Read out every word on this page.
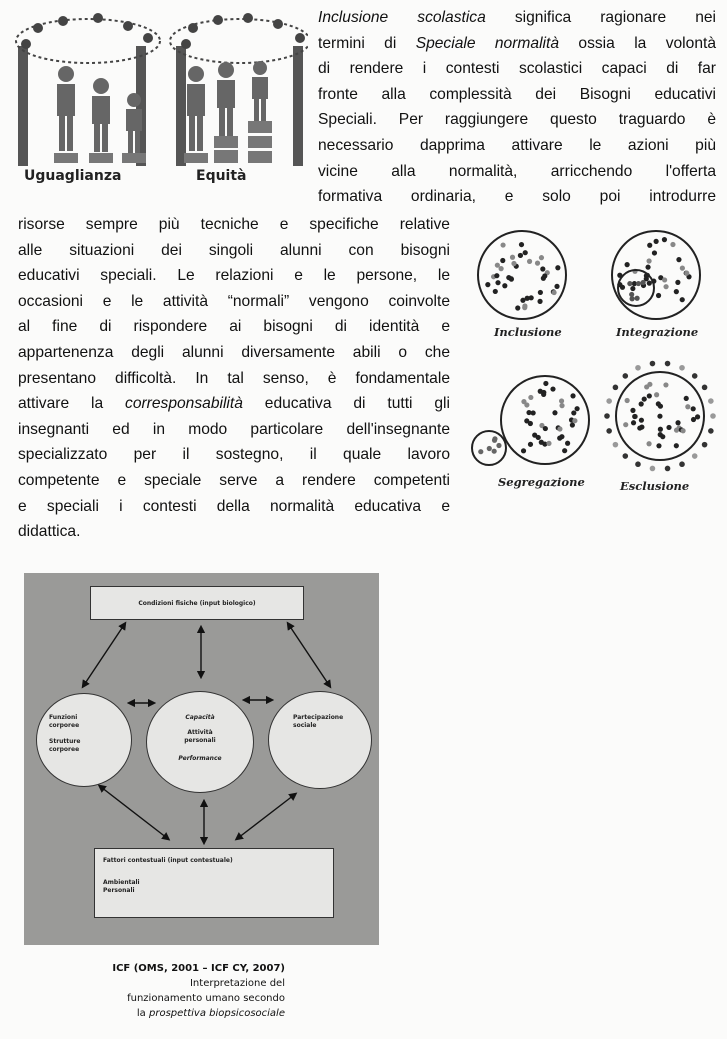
Uguaglianza	Equità
Inclusione scolastica significa ragionare nei
termini di Speciale normalità ossia la volontà
di rendere i contesti scolastici capaci di far
fronte alla complessità dei Bisogni educativi
Speciali. Per raggiungere questo traguardo è
necessario dapprima attivare le azioni più
vicine alla normalità, arricchendo l'offerta
formativa ordinaria, e solo poi introdurre
risorse sempre più tecniche e specifiche relative
alle situazioni dei singoli alunni con bisogni
educativi speciali. Le relazioni e le persone, le
occasioni e le attività “normali” vengono coinvolte
al fine di rispondere ai bisogni di identità e
appartenenza degli alunni diversamente abili o che
presentano difficoltà. In tal senso, è fondamentale
attivare la corresponsabilità educativa di tutti gli
insegnanti ed in modo particolare dell'insegnante
specializzato per il sostegno, il quale lavoro
competente e speciale serve a rendere competenti
e speciali i contesti della normalità educativa e
didattica.
Inclusione	Integrazione
Segregazione	Esclusione
Condizioni fisiche (input biologico)
Funzioni
corporee
Strutture
corporee
Capacità
Attività
personali
Performance
Partecipazione
sociale
Fattori contestuali (input contestuale)
Ambientali
Personali
ICF (OMS, 2001 – ICF CY, 2007)
Interpretazione del
funzionamento umano secondo
la prospettiva biopsicosociale
